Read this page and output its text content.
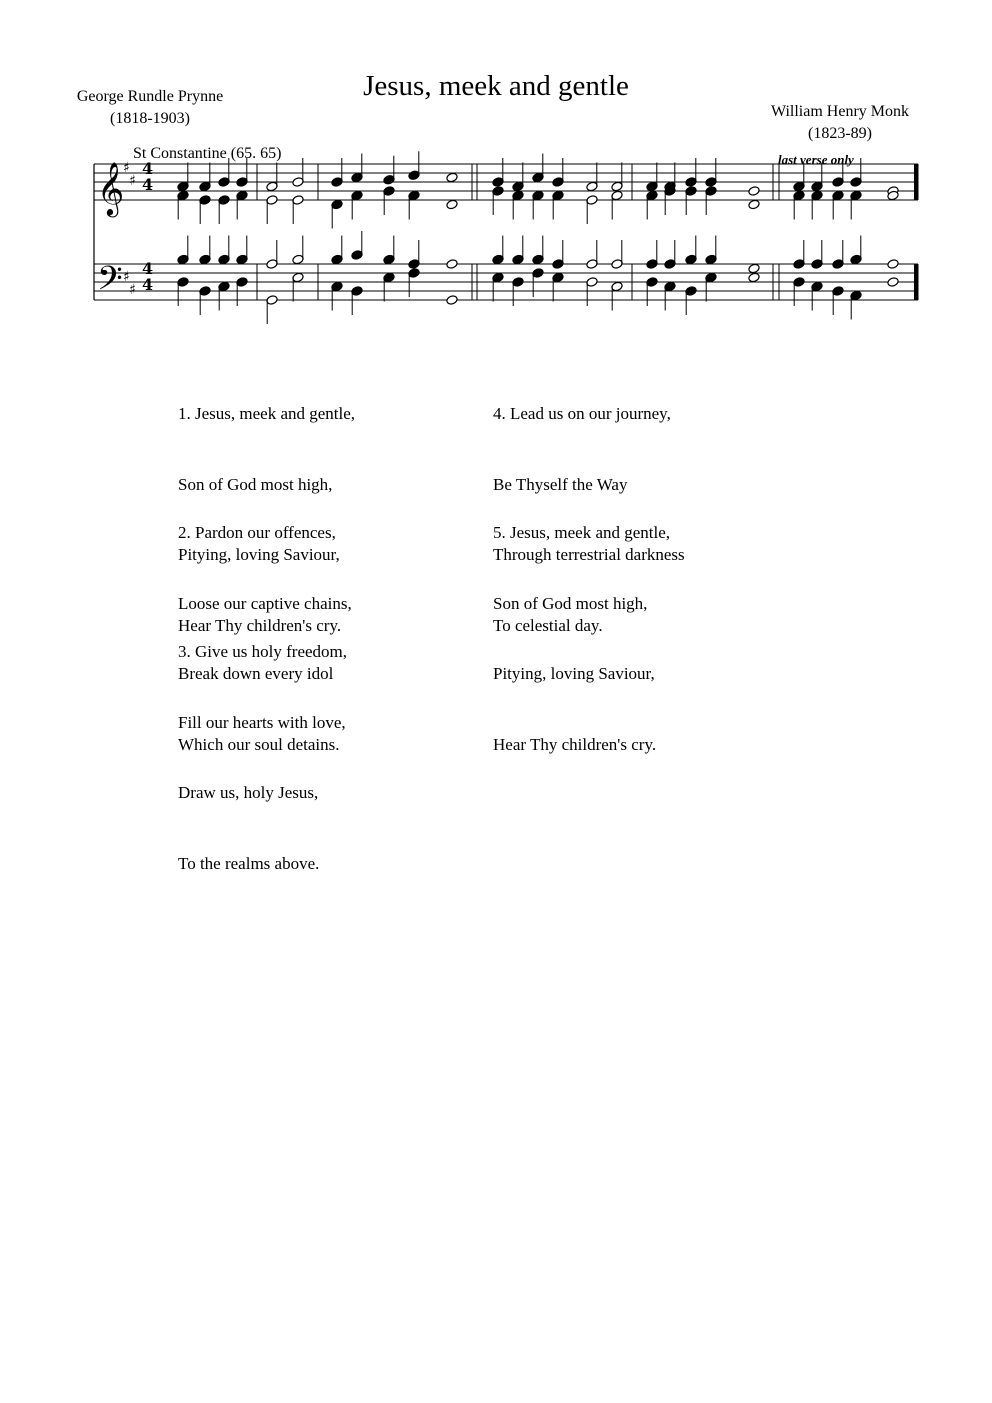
Jesus, meek and gentle
George Rundle Prynne
(1818-1903)	William Henry Monk
(1823-89)
St Constantine (65. 65)	last verse only
𝄞
𝄢
♯
♯
♯
♯
4
4
4
4

1. Jesus, meek and gentle,

Son of God most high,

Pitying, loving Saviour,

Hear Thy children's cry.

2. Pardon our offences,

Loose our captive chains,

Break down every idol

Which our soul detains.

3. Give us holy freedom,

Fill our hearts with love,

Draw us, holy Jesus,

To the realms above.

4. Lead us on our journey,

Be Thyself the Way

Through terrestrial darkness

To celestial day.

5. Jesus, meek and gentle,

Son of God most high,

Pitying, loving Saviour,

Hear Thy children's cry.
